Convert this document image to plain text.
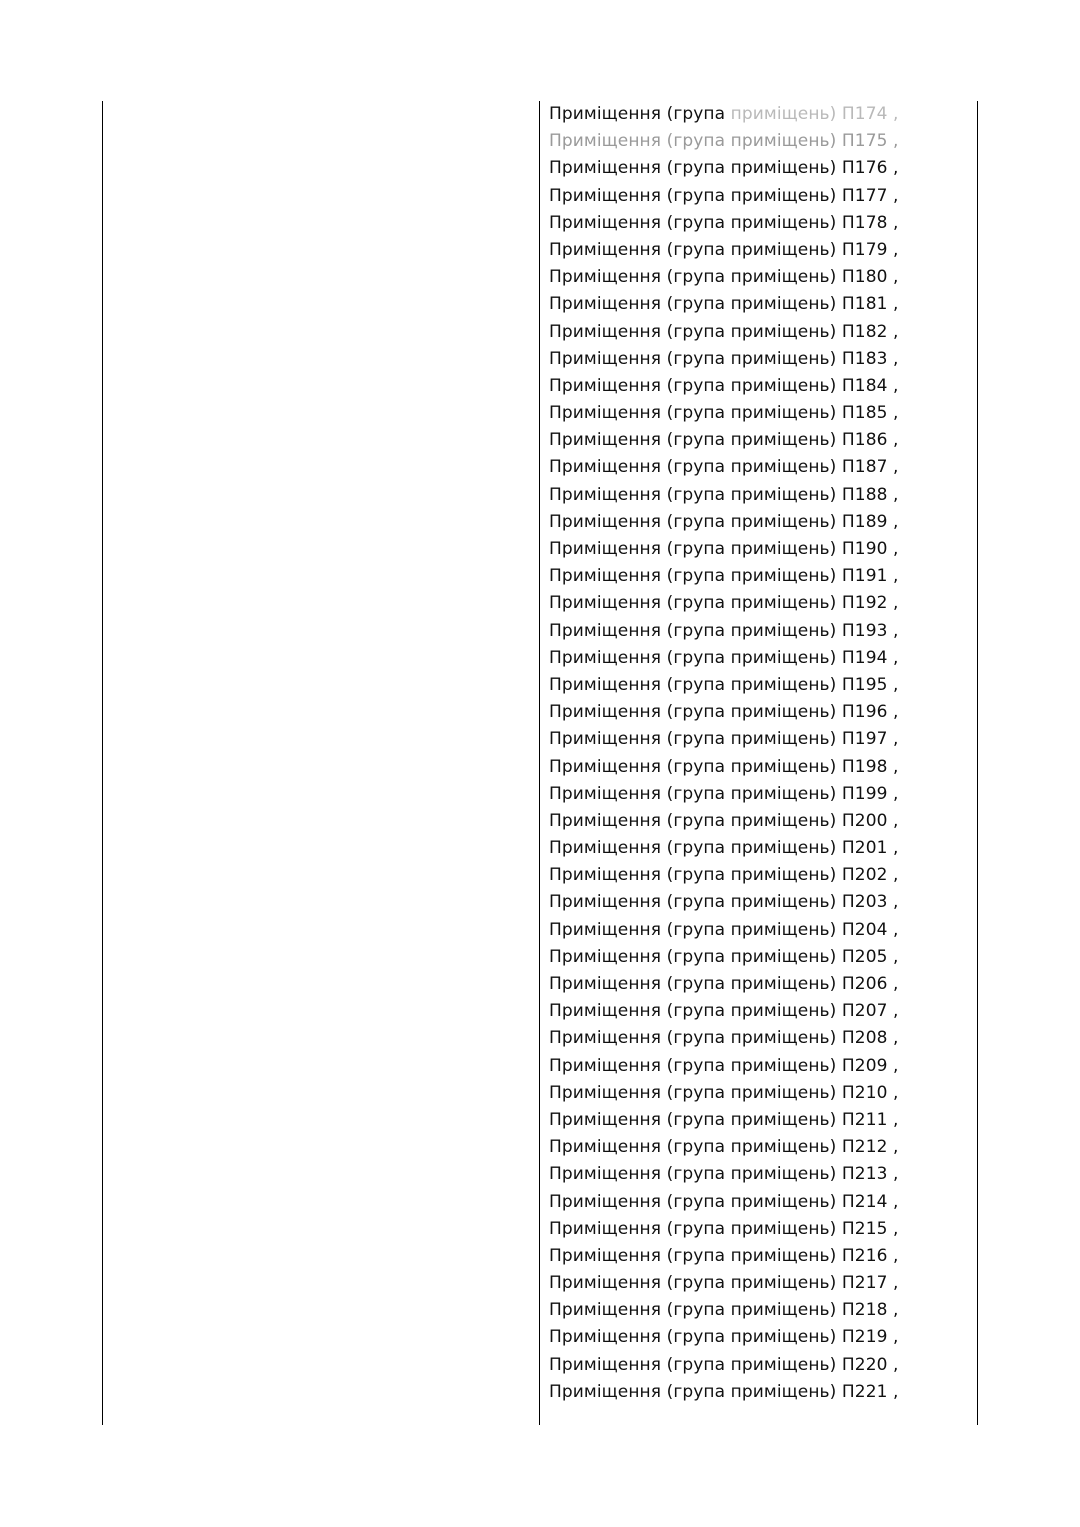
Приміщення (група приміщень) П174 ,
Приміщення (група приміщень) П175 ,
Приміщення (група приміщень) П176 ,
Приміщення (група приміщень) П177 ,
Приміщення (група приміщень) П178 ,
Приміщення (група приміщень) П179 ,
Приміщення (група приміщень) П180 ,
Приміщення (група приміщень) П181 ,
Приміщення (група приміщень) П182 ,
Приміщення (група приміщень) П183 ,
Приміщення (група приміщень) П184 ,
Приміщення (група приміщень) П185 ,
Приміщення (група приміщень) П186 ,
Приміщення (група приміщень) П187 ,
Приміщення (група приміщень) П188 ,
Приміщення (група приміщень) П189 ,
Приміщення (група приміщень) П190 ,
Приміщення (група приміщень) П191 ,
Приміщення (група приміщень) П192 ,
Приміщення (група приміщень) П193 ,
Приміщення (група приміщень) П194 ,
Приміщення (група приміщень) П195 ,
Приміщення (група приміщень) П196 ,
Приміщення (група приміщень) П197 ,
Приміщення (група приміщень) П198 ,
Приміщення (група приміщень) П199 ,
Приміщення (група приміщень) П200 ,
Приміщення (група приміщень) П201 ,
Приміщення (група приміщень) П202 ,
Приміщення (група приміщень) П203 ,
Приміщення (група приміщень) П204 ,
Приміщення (група приміщень) П205 ,
Приміщення (група приміщень) П206 ,
Приміщення (група приміщень) П207 ,
Приміщення (група приміщень) П208 ,
Приміщення (група приміщень) П209 ,
Приміщення (група приміщень) П210 ,
Приміщення (група приміщень) П211 ,
Приміщення (група приміщень) П212 ,
Приміщення (група приміщень) П213 ,
Приміщення (група приміщень) П214 ,
Приміщення (група приміщень) П215 ,
Приміщення (група приміщень) П216 ,
Приміщення (група приміщень) П217 ,
Приміщення (група приміщень) П218 ,
Приміщення (група приміщень) П219 ,
Приміщення (група приміщень) П220 ,
Приміщення (група приміщень) П221 ,
